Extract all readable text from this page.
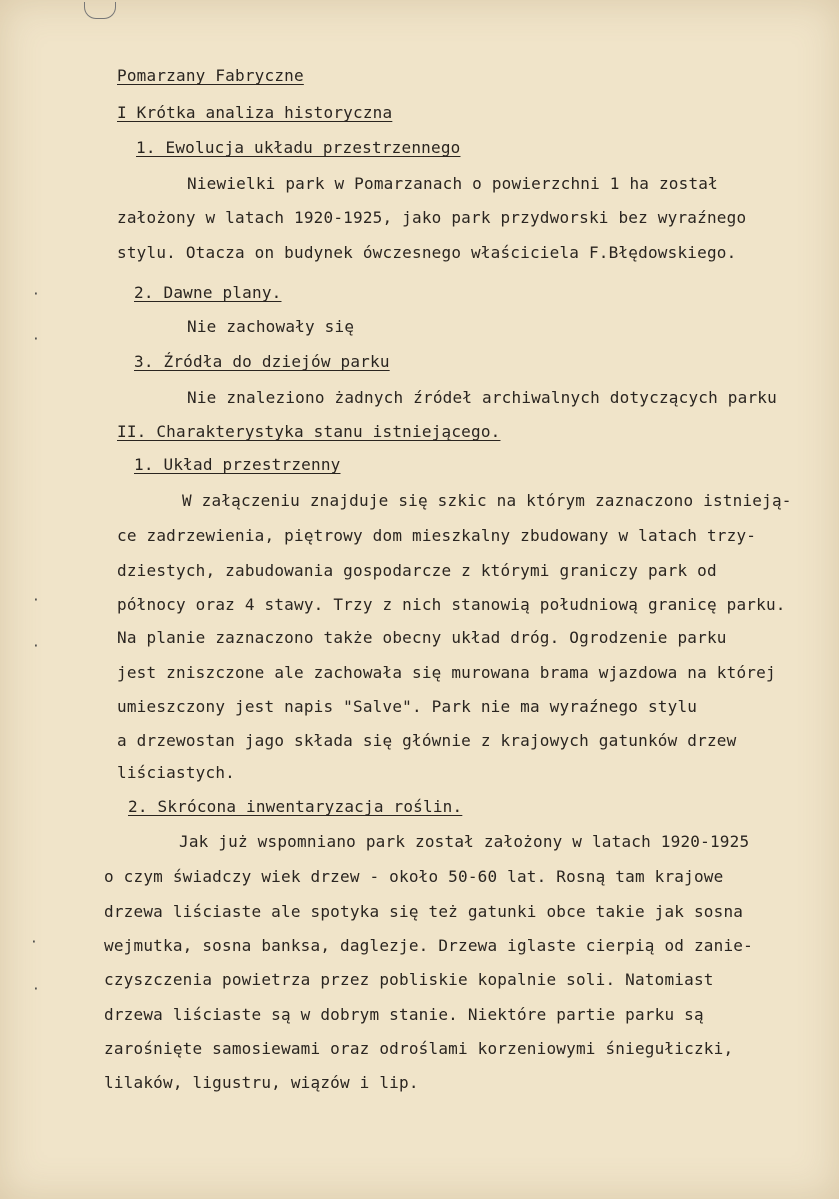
·
·
·
·
·
·
Pomarzany Fabryczne
I Krótka analiza historyczna
1. Ewolucja układu przestrzennego
Niewielki park w Pomarzanach o powierzchni 1 ha został
założony w latach 1920-1925, jako park przydworski bez wyraźnego
stylu. Otacza on budynek ówczesnego właściciela F.Błędowskiego.
2. Dawne plany.
Nie zachowały się
3. Źródła do dziejów parku
Nie znaleziono żadnych źródeł archiwalnych dotyczących parku
II. Charakterystyka stanu istniejącego.
1. Układ przestrzenny
W załączeniu znajduje się szkic na którym zaznaczono istnieją-
ce zadrzewienia, piętrowy dom mieszkalny zbudowany w latach trzy-
dziestych, zabudowania gospodarcze z którymi graniczy park od
północy oraz 4 stawy. Trzy z nich stanowią południową granicę parku.
Na planie zaznaczono także obecny układ dróg. Ogrodzenie parku
jest zniszczone ale zachowała się murowana brama wjazdowa na której
umieszczony jest napis "Salve". Park nie ma wyraźnego stylu
a drzewostan jago składa się głównie z krajowych gatunków drzew
liściastych.
2. Skrócona inwentaryzacja roślin.
Jak już wspomniano park został założony w latach 1920-1925
o czym świadczy wiek drzew - około 50-60 lat. Rosną tam krajowe
drzewa liściaste ale spotyka się też gatunki obce takie jak sosna
wejmutka, sosna banksa, daglezje. Drzewa iglaste cierpią od zanie-
czyszczenia powietrza przez pobliskie kopalnie soli. Natomiast
drzewa liściaste są w dobrym stanie. Niektóre partie parku są
zarośnięte samosiewami oraz odroślami korzeniowymi śniegułiczki,
lilaków, ligustru, wiązów i lip.
